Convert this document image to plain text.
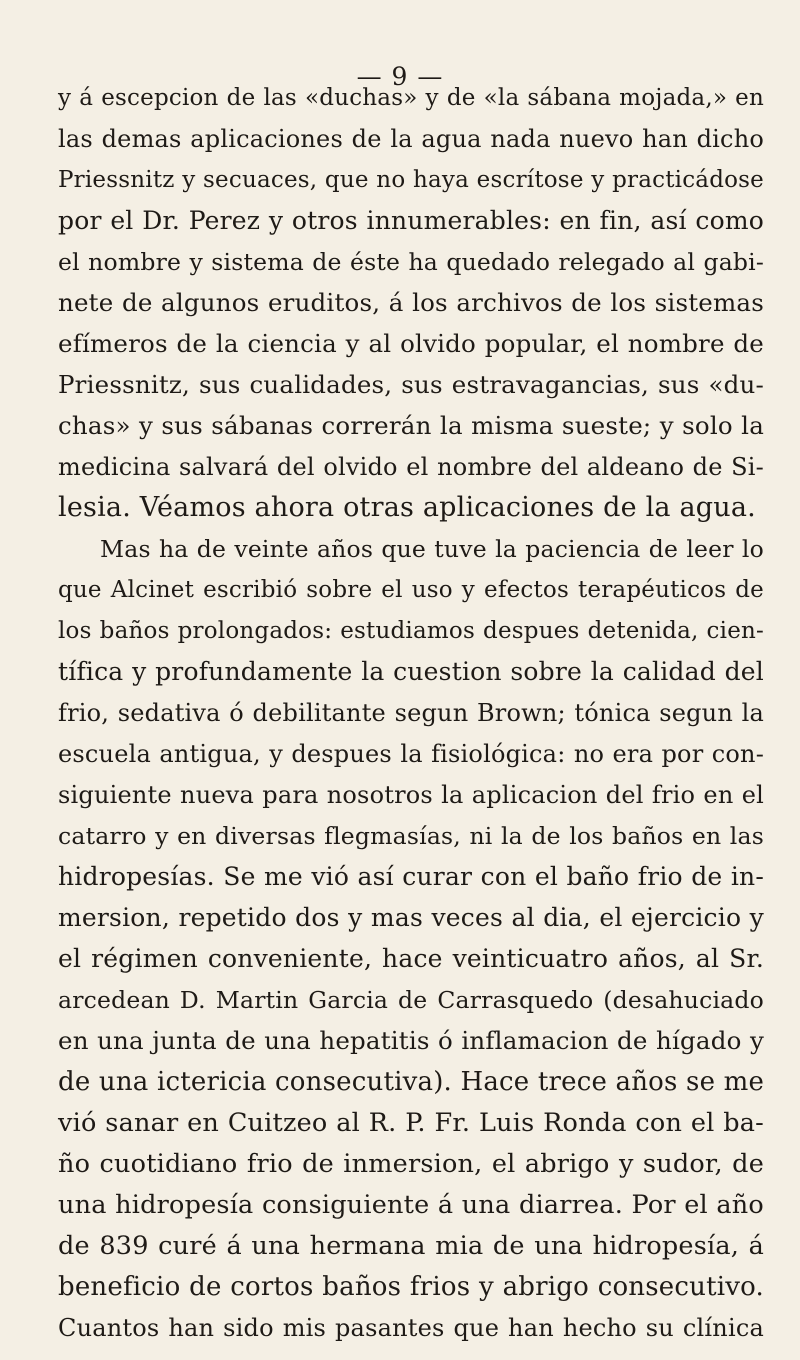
— 9 —
y á escepcion de las «duchas» y de «la sábana mojada,» en
las demas aplicaciones de la agua nada nuevo han dicho
Priessnitz y secuaces, que no haya escrítose y practicádose
por el Dr. Perez y otros innumerables: en fin, así como
el nombre y sistema de éste ha quedado relegado al gabi-
nete de algunos eruditos, á los archivos de los sistemas
efímeros de la ciencia y al olvido popular, el nombre de
Priessnitz, sus cualidades, sus estravagancias, sus «du-
chas» y sus sábanas correrán la misma sueste; y solo la
medicina salvará del olvido el nombre del aldeano de Si-
lesia. Véamos ahora otras aplicaciones de la agua.
Mas ha de veinte años que tuve la paciencia de leer lo
que Alcinet escribió sobre el uso y efectos terapéuticos de
los baños prolongados: estudiamos despues detenida, cien-
tífica y profundamente la cuestion sobre la calidad del
frio, sedativa ó debilitante segun Brown; tónica segun la
escuela antigua, y despues la fisiológica: no era por con-
siguiente nueva para nosotros la aplicacion del frio en el
catarro y en diversas flegmasías, ni la de los baños en las
hidropesías. Se me vió así curar con el baño frio de in-
mersion, repetido dos y mas veces al dia, el ejercicio y
el régimen conveniente, hace veinticuatro años, al Sr.
arcedean D. Martin Garcia de Carrasquedo (desahuciado
en una junta de una hepatitis ó inflamacion de hígado y
de una ictericia consecutiva). Hace trece años se me
vió sanar en Cuitzeo al R. P. Fr. Luis Ronda con el ba-
ño cuotidiano frio de inmersion, el abrigo y sudor, de
una hidropesía consiguiente á una diarrea. Por el año
de 839 curé á una hermana mia de una hidropesía, á
beneficio de cortos baños frios y abrigo consecutivo.
Cuantos han sido mis pasantes que han hecho su clínica
